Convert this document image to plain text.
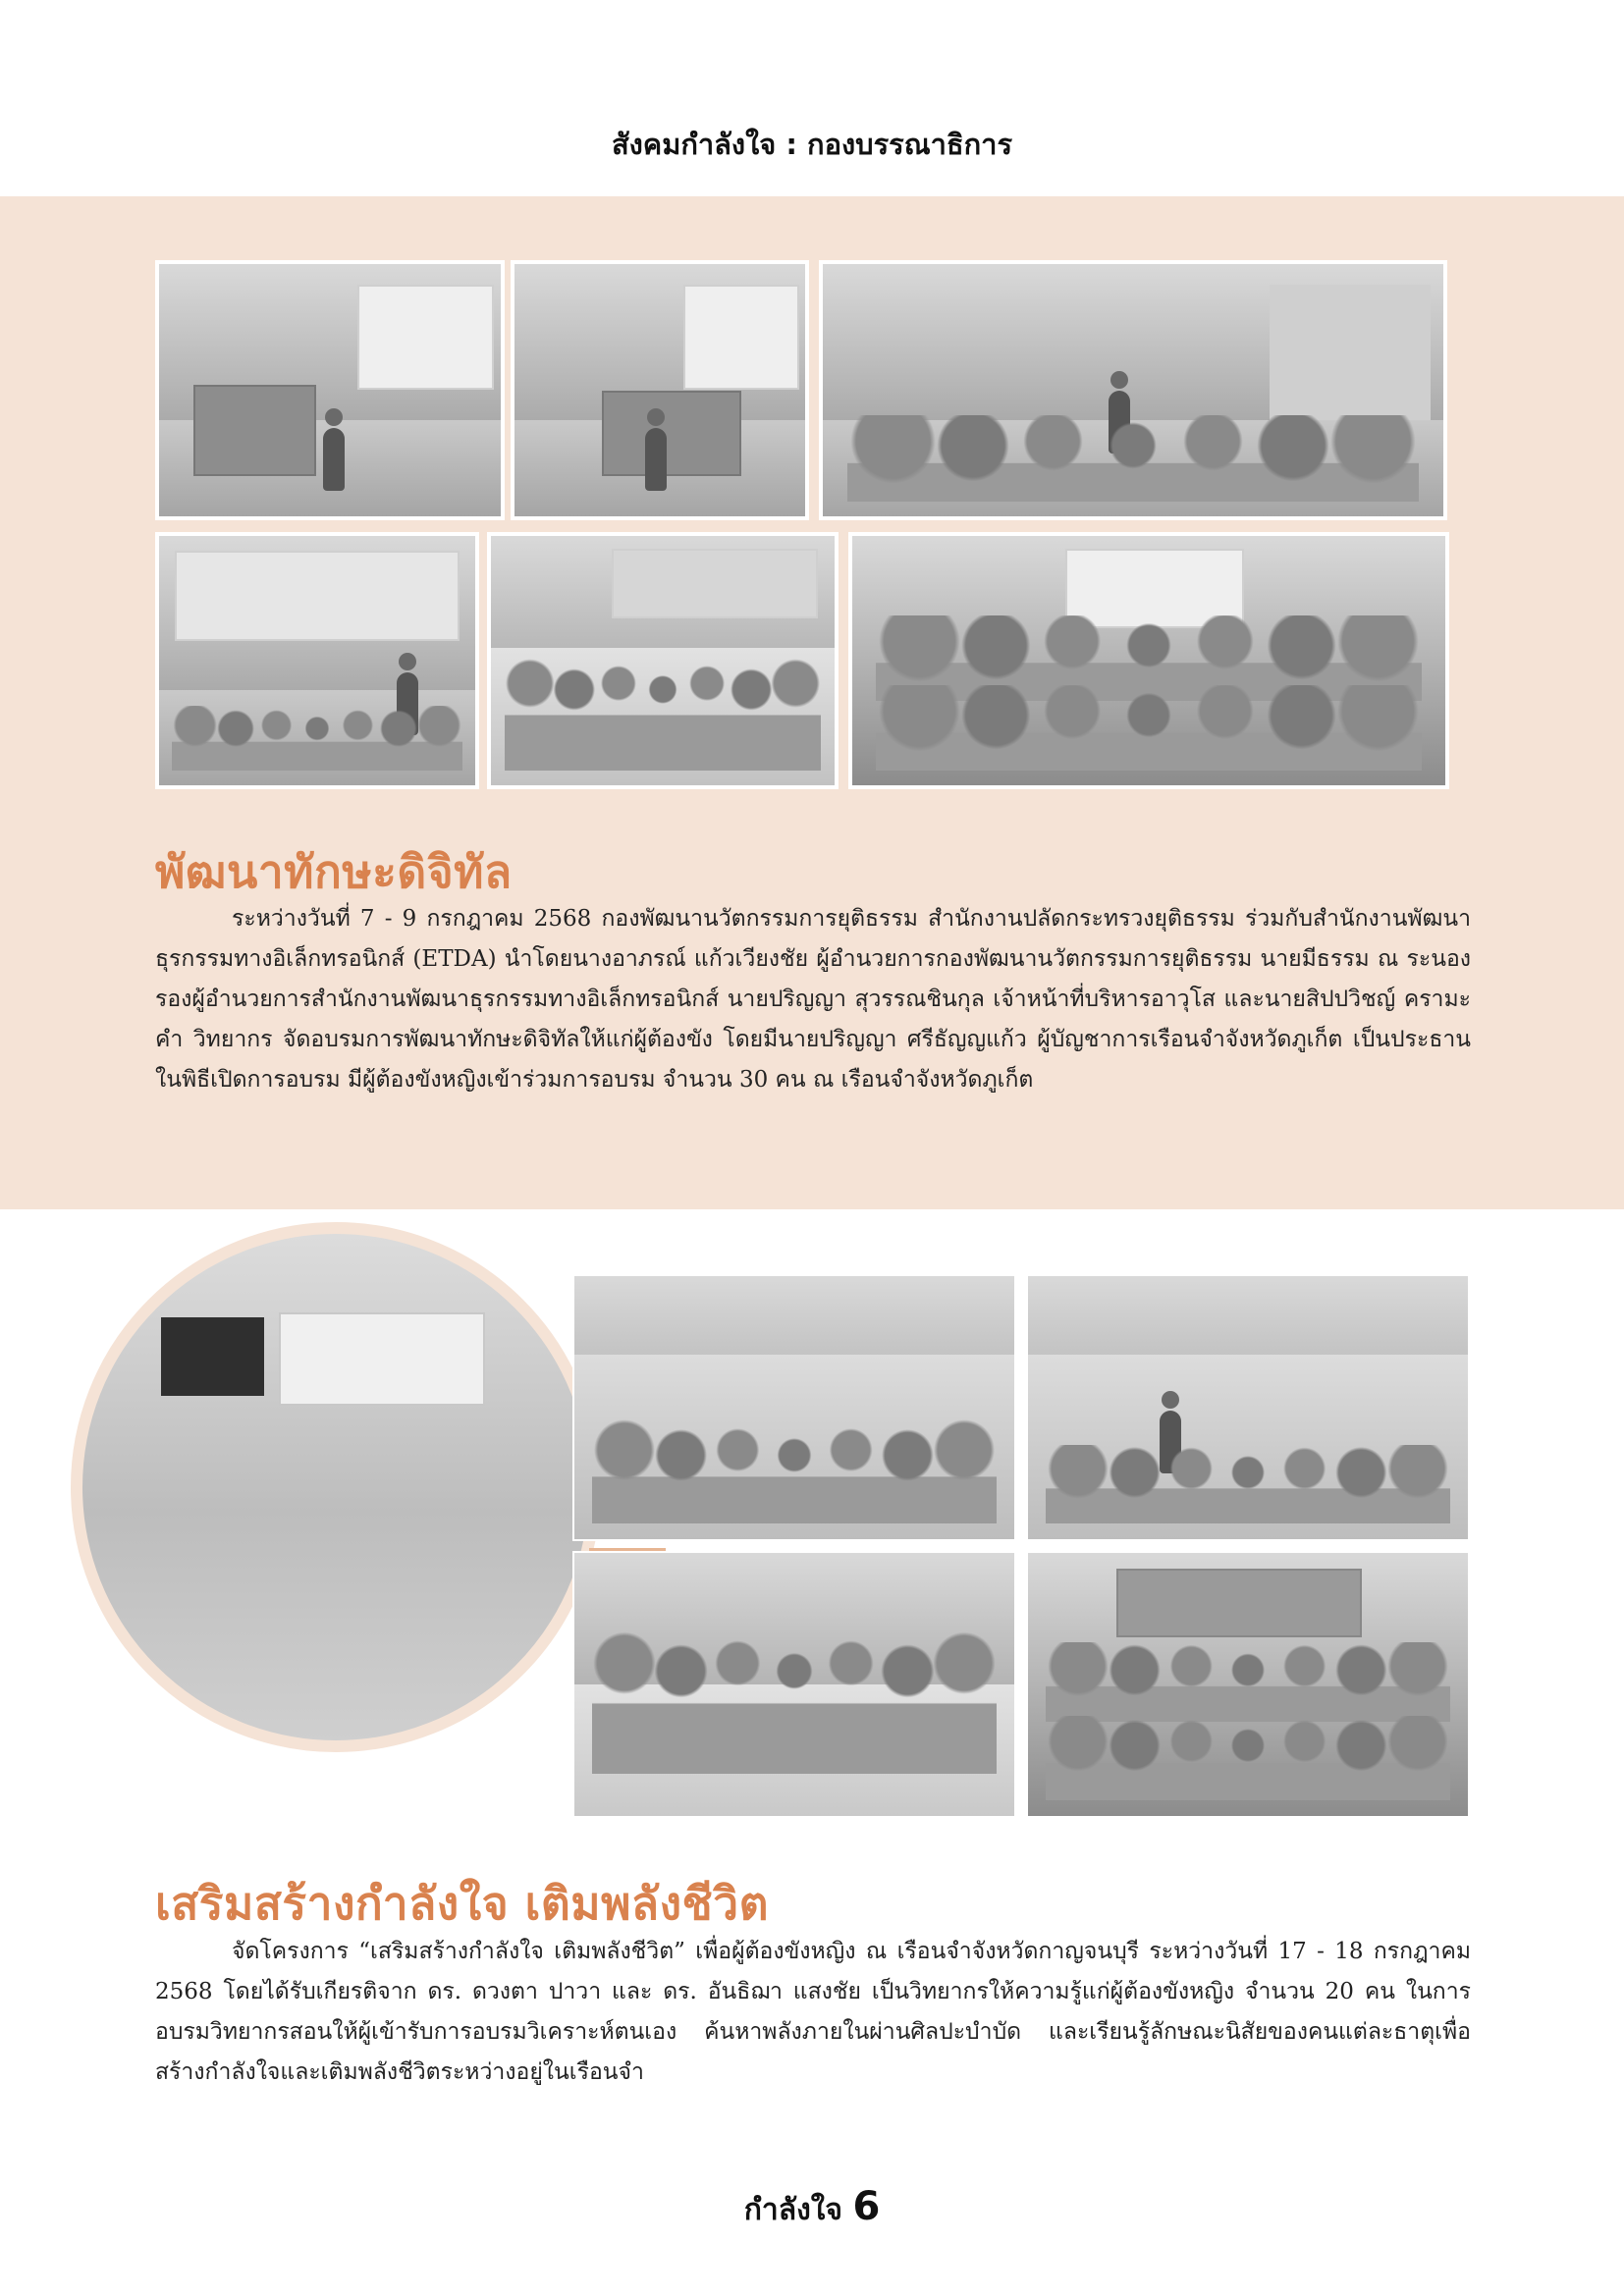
สังคมกำลังใจ : กองบรรณาธิการ
พัฒนาทักษะดิจิทัล
ระหว่างวันที่ 7 - 9 กรกฎาคม 2568 กองพัฒนานวัตกรรมการยุติธรรม สำนักงานปลัดกระทรวงยุติธรรม ร่วมกับสำนักงานพัฒนาธุรกรรมทางอิเล็กทรอนิกส์ (ETDA) นำโดยนางอาภรณ์ แก้วเวียงชัย ผู้อำนวยการกองพัฒนานวัตกรรมการยุติธรรม นายมีธรรม ณ ระนอง รองผู้อำนวยการสำนักงานพัฒนาธุรกรรมทางอิเล็กทรอนิกส์ นายปริญญา สุวรรณชินกุล เจ้าหน้าที่บริหารอาวุโส และนายสิปปวิชญ์ ครามะคำ วิทยากร จัดอบรมการพัฒนาทักษะดิจิทัลให้แก่ผู้ต้องขัง โดยมีนายปริญญา ศรีธัญญแก้ว ผู้บัญชาการเรือนจำจังหวัดภูเก็ต เป็นประธานในพิธีเปิดการอบรม มีผู้ต้องขังหญิงเข้าร่วมการอบรม จำนวน 30 คน ณ เรือนจำจังหวัดภูเก็ต
เสริมสร้างกำลังใจ เติมพลังชีวิต
จัดโครงการ “เสริมสร้างกำลังใจ เติมพลังชีวิต” เพื่อผู้ต้องขังหญิง ณ เรือนจำจังหวัดกาญจนบุรี ระหว่างวันที่ 17 - 18 กรกฎาคม 2568 โดยได้รับเกียรติจาก ดร. ดวงตา ปาวา และ ดร. อันธิฌา แสงชัย เป็นวิทยากรให้ความรู้แก่ผู้ต้องขังหญิง จำนวน 20 คน ในการอบรมวิทยากรสอนให้ผู้เข้ารับการอบรมวิเคราะห์ตนเอง ค้นหาพลังภายในผ่านศิลปะบำบัด และเรียนรู้ลักษณะนิสัยของคนแต่ละธาตุเพื่อสร้างกำลังใจและเติมพลังชีวิตระหว่างอยู่ในเรือนจำ
กำลังใจ 6
